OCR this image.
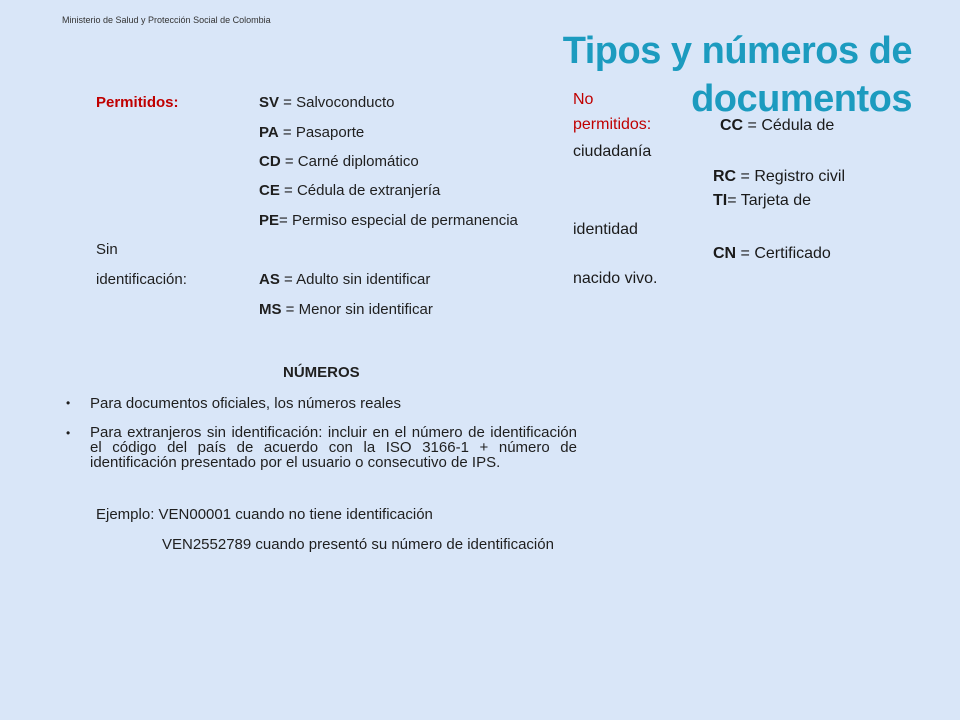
Ministerio de Salud y Protección Social de Colombia
Tipos y números de
documentos
Permitidos:	SV = Salvoconducto
PA = Pasaporte
CD = Carné diplomático
CE = Cédula de extranjería
PE= Permiso especial de permanencia
Sin
identificación:	AS = Adulto sin identificar
MS = Menor sin identificar
No
permitidos:	CC = Cédula de
ciudadanía
RC = Registro civil
TI= Tarjeta de
identidad
CN = Certificado
nacido vivo.
NÚMEROS
• Para documentos oficiales, los números reales
• Para extranjeros sin identificación: incluir en el número de identificación el código del país de acuerdo con la ISO 3166-1 + número de identificación presentado por el usuario o consecutivo de IPS.
Ejemplo: VEN00001 cuando no tiene identificación
VEN2552789 cuando presentó su número de identificación
